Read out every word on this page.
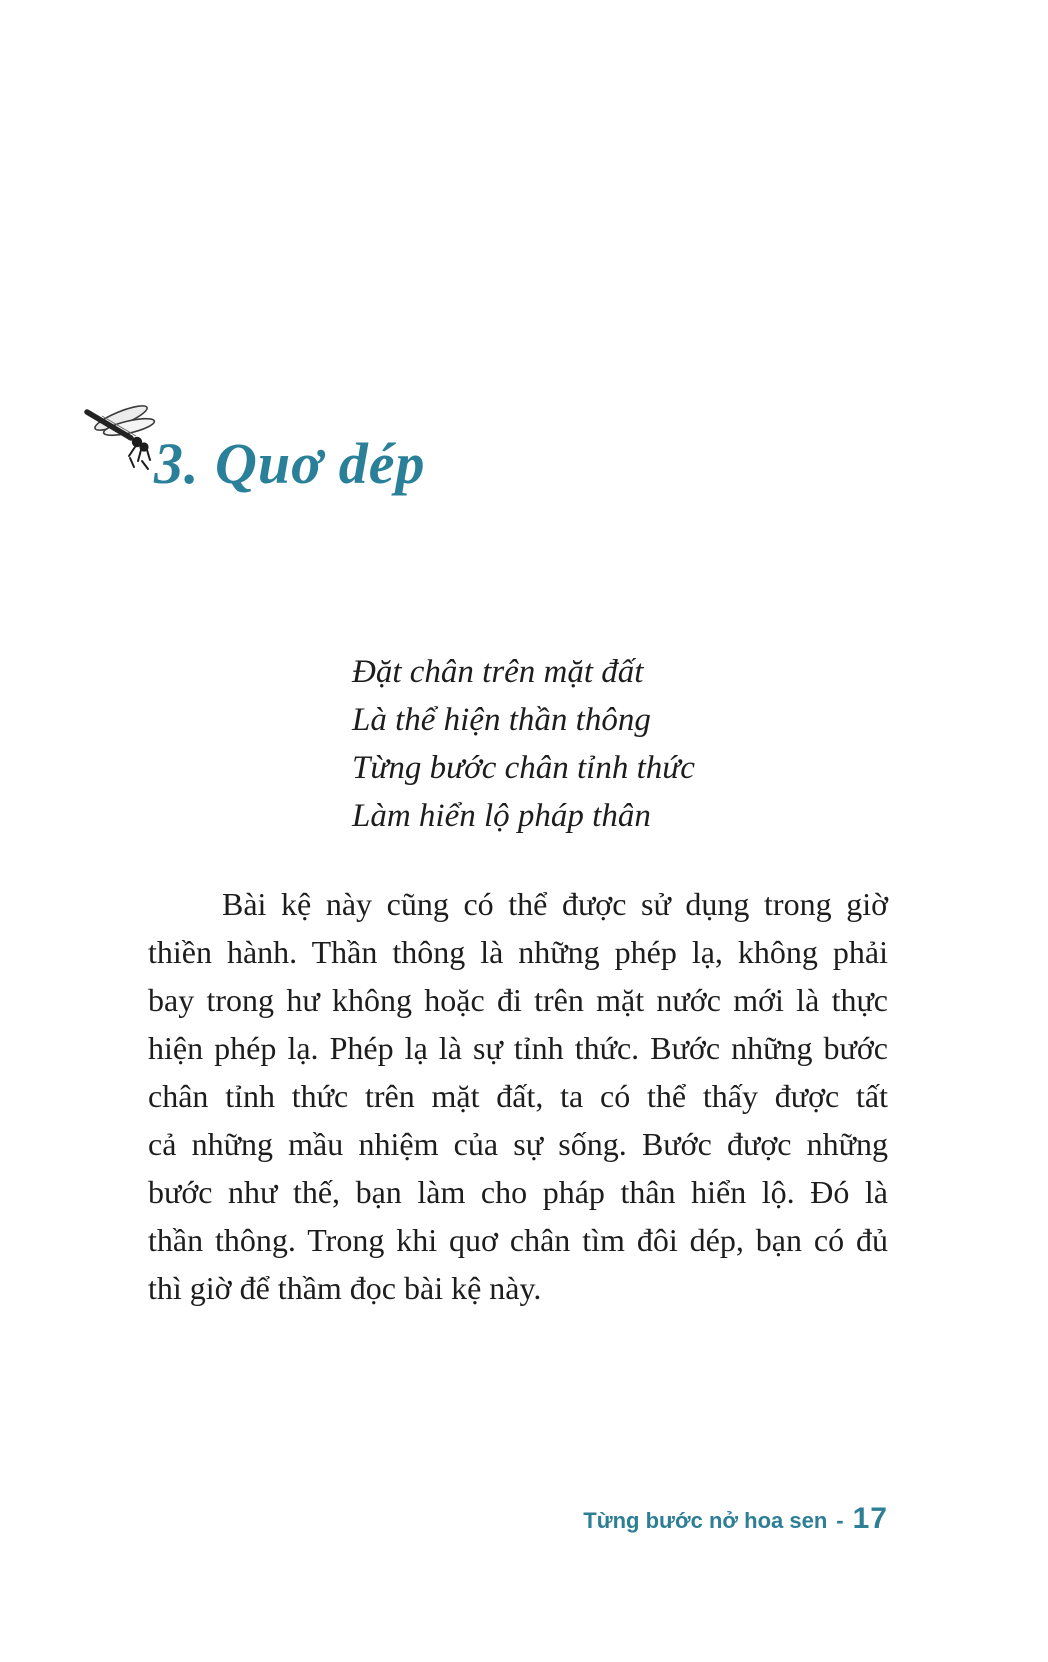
3. Quơ dép
Đặt chân trên mặt đất
Là thể hiện thần thông
Từng bước chân tỉnh thức
Làm hiển lộ pháp thân
Bài kệ này cũng có thể được sử dụng trong giờ
thiền hành. Thần thông là những phép lạ, không phải
bay trong hư không hoặc đi trên mặt nước mới là thực
hiện phép lạ. Phép lạ là sự tỉnh thức. Bước những bước
chân tỉnh thức trên mặt đất, ta có thể thấy được tất
cả những mầu nhiệm của sự sống. Bước được những
bước như thế, bạn làm cho pháp thân hiển lộ. Đó là
thần thông. Trong khi quơ chân tìm đôi dép, bạn có đủ
thì giờ để thầm đọc bài kệ này.
Từng bước nở hoa sen - 17
